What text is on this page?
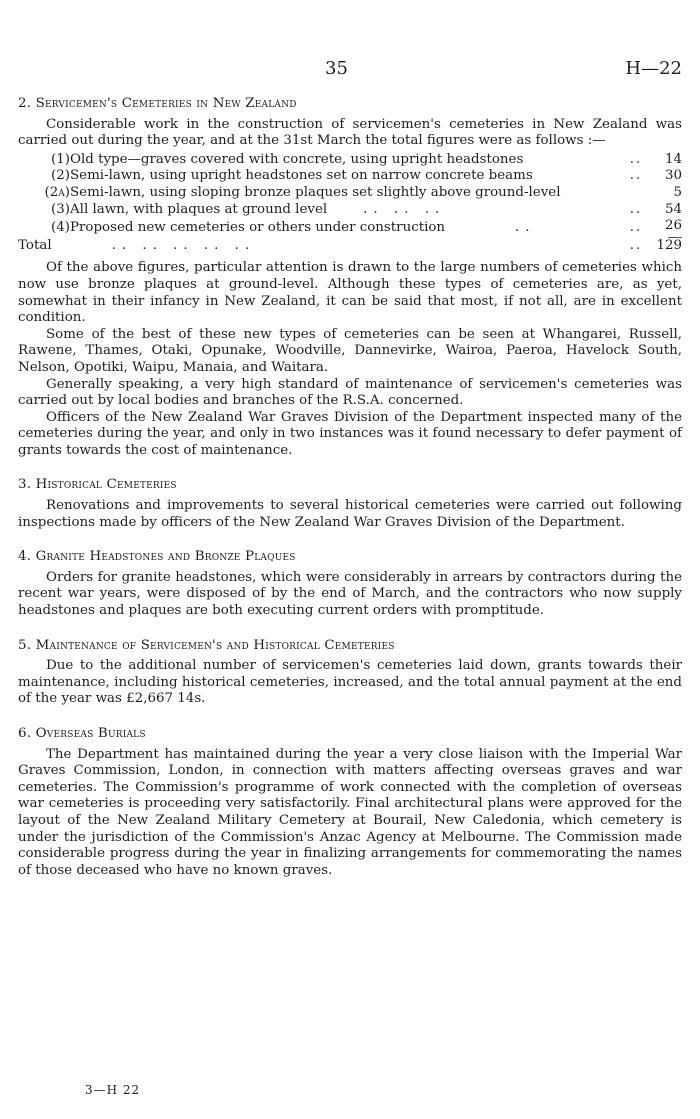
35	H—22
2. Servicemen's Cemeteries in New Zealand

Considerable work in the construction of servicemen's cemeteries in New Zealand was carried out during the year, and at the 31st March the total figures were as follows :—

(1)	Old type—graves covered with concrete, using upright headstones	..	14
(2)	Semi-lawn, using upright headstones set on narrow concrete beams	..	30
(2a)	Semi-lawn, using sloping bronze plaques set slightly above ground-level		5
(3)	All lawn, with plaques at ground level .. .. ..	..	54
(4)	Proposed new cemeteries or others under construction ..	..	26

Total .. .. .. .. ..		..	129

Of the above figures, particular attention is drawn to the large numbers of cemeteries which now use bronze plaques at ground-level. Although these types of cemeteries are, as yet, somewhat in their infancy in New Zealand, it can be said that most, if not all, are in excellent condition.

Some of the best of these new types of cemeteries can be seen at Whangarei, Russell, Rawene, Thames, Otaki, Opunake, Woodville, Dannevirke, Wairoa, Paeroa, Havelock South, Nelson, Opotiki, Waipu, Manaia, and Waitara.

Generally speaking, a very high standard of maintenance of servicemen's cemeteries was carried out by local bodies and branches of the R.S.A. concerned.

Officers of the New Zealand War Graves Division of the Department inspected many of the cemeteries during the year, and only in two instances was it found necessary to defer payment of grants towards the cost of maintenance.

3. Historical Cemeteries

Renovations and improvements to several historical cemeteries were carried out following inspections made by officers of the New Zealand War Graves Division of the Department.

4. Granite Headstones and Bronze Plaques

Orders for granite headstones, which were considerably in arrears by contractors during the recent war years, were disposed of by the end of March, and the contractors who now supply headstones and plaques are both executing current orders with promptitude.

5. Maintenance of Servicemen's and Historical Cemeteries

Due to the additional number of servicemen's cemeteries laid down, grants towards their maintenance, including historical cemeteries, increased, and the total annual payment at the end of the year was £2,667 14s.

6. Overseas Burials

The Department has maintained during the year a very close liaison with the Imperial War Graves Commission, London, in connection with matters affecting overseas graves and war cemeteries. The Commission's programme of work connected with the completion of overseas war cemeteries is proceeding very satisfactorily. Final architectural plans were approved for the layout of the New Zealand Military Cemetery at Bourail, New Caledonia, which cemetery is under the jurisdiction of the Commission's Anzac Agency at Melbourne. The Commission made considerable progress during the year in finalizing arrangements for commemorating the names of those deceased who have no known graves.

3—H 22
